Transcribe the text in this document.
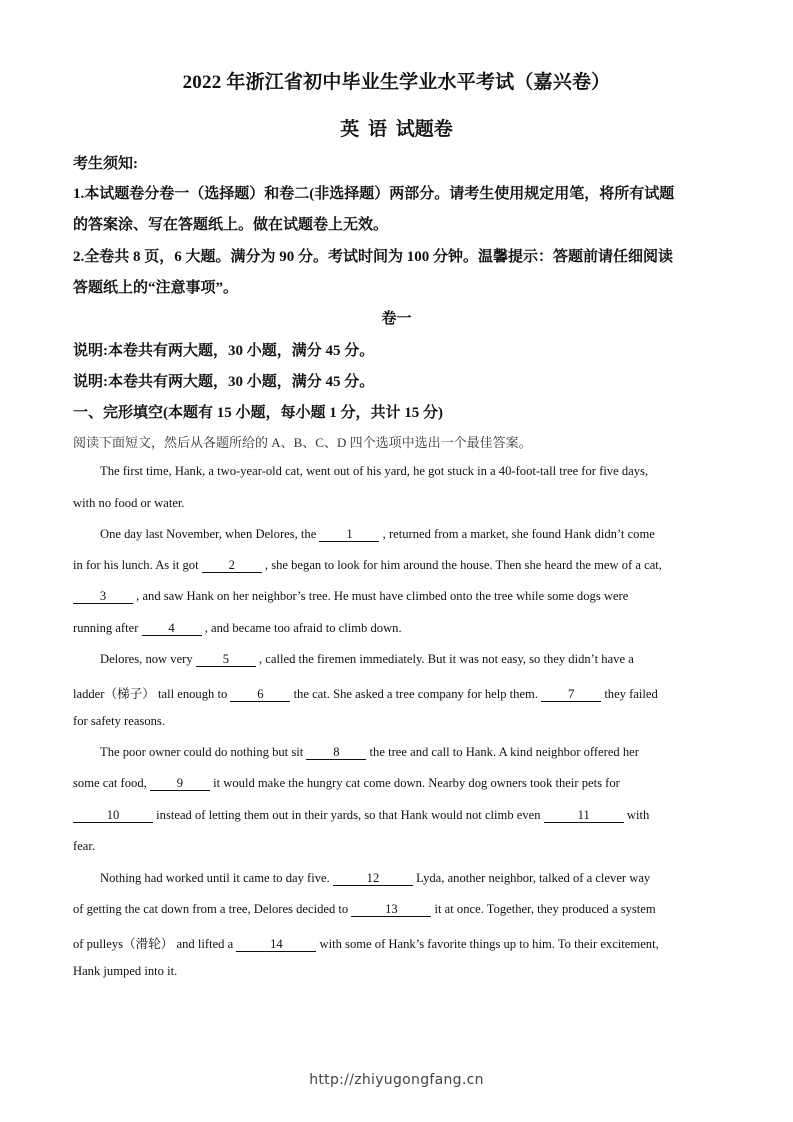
2022 年浙江省初中毕业生学业水平考试（嘉兴卷）
英 语 试题卷
考生须知:
1.本试题卷分卷一（选择题）和卷二(非选择题）两部分。请考生使用规定用笔，将所有试题
的答案涂、写在答题纸上。做在试题卷上无效。
2.全卷共 8 页，6 大题。满分为 90 分。考试时间为 100 分钟。温馨提示：答题前请任细阅读
答题纸上的“注意事项”。
卷一
说明:本卷共有两大题，30 小题，满分 45 分。
说明:本卷共有两大题，30 小题，满分 45 分。
一、完形填空(本题有 15 小题，每小题 1 分，共计 15 分)
阅读下面短文，然后从各题所给的 A、B、C、D 四个选项中选出一个最佳答案。
The first time, Hank, a two-year-old cat, went out of his yard, he got stuck in a 40-foot-tall tree for five days,
with no food or water.
One day last November, when Delores, the 1 , returned from a market, she found Hank didn’t come
in for his lunch. As it got 2 , she began to look for him around the house. Then she heard the mew of a cat,
3 , and saw Hank on her neighbor’s tree. He must have climbed onto the tree while some dogs were
running after 4 , and became too afraid to climb down.
Delores, now very 5 , called the firemen immediately. But it was not easy, so they didn’t have a
ladder（梯子） tall enough to 6 the cat. She asked a tree company for help them. 7 they failed
for safety reasons.
The poor owner could do nothing but sit 8 the tree and call to Hank. A kind neighbor offered her
some cat food, 9 it would make the hungry cat come down. Nearby dog owners took their pets for
10	instead of letting them out in their yards, so that Hank would not climb even	11	with
fear.
Nothing had worked until it came to day five.	12	Lyda, another neighbor, talked of a clever way
of getting the cat down from a tree, Delores decided to	13	it at once. Together, they produced a system
of pulleys（滑轮） and lifted a	14	with some of Hank’s favorite things up to him. To their excitement,
Hank jumped into it.
http://zhiyugongfang.cn
